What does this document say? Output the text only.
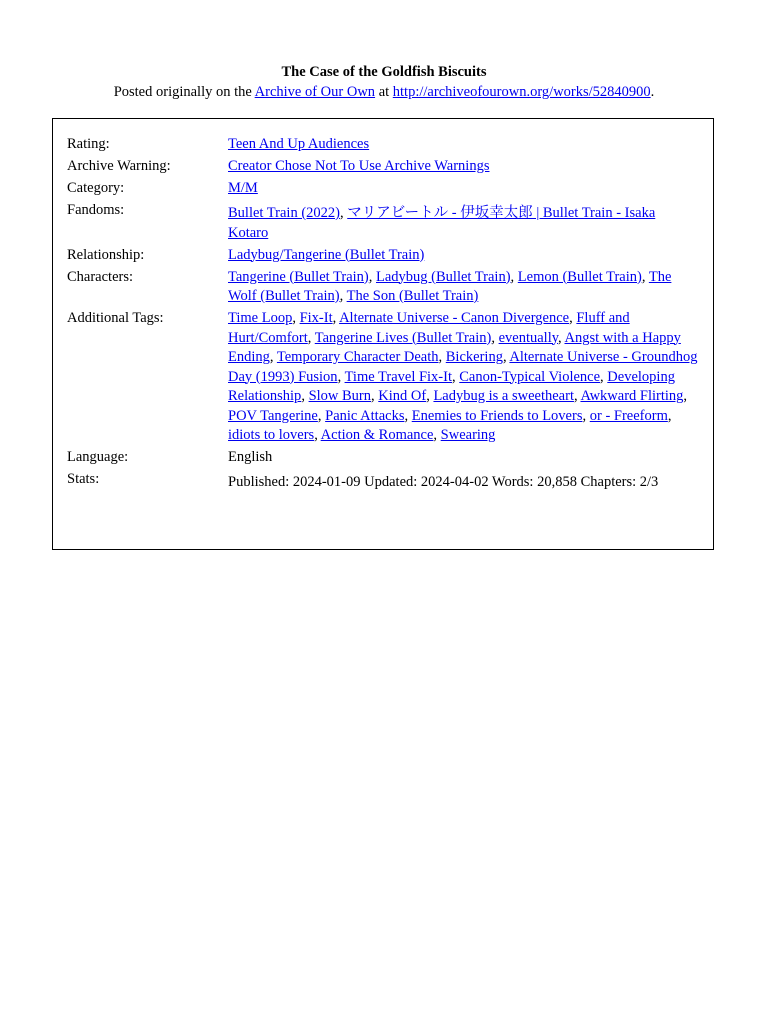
The Case of the Goldfish Biscuits
Posted originally on the Archive of Our Own at http://archiveofourown.org/works/52840900.
Rating:	Teen And Up Audiences
Archive Warning:	Creator Chose Not To Use Archive Warnings
Category:	M/M
Fandoms:	Bullet Train (2022), マリアビートル - 伊坂幸太郎 | Bullet Train - Isaka Kotaro
Relationship:	Ladybug/Tangerine (Bullet Train)
Characters:	Tangerine (Bullet Train), Ladybug (Bullet Train), Lemon (Bullet Train), The Wolf (Bullet Train), The Son (Bullet Train)
Additional Tags:	Time Loop, Fix-It, Alternate Universe - Canon Divergence, Fluff and Hurt/Comfort, Tangerine Lives (Bullet Train), eventually, Angst with a Happy Ending, Temporary Character Death, Bickering, Alternate Universe - Groundhog Day (1993) Fusion, Time Travel Fix-It, Canon-Typical Violence, Developing Relationship, Slow Burn, Kind Of, Ladybug is a sweetheart, Awkward Flirting, POV Tangerine, Panic Attacks, Enemies to Friends to Lovers, or - Freeform, idiots to lovers, Action & Romance, Swearing
Language:	English
Stats:	Published: 2024-01-09 Updated: 2024-04-02 Words: 20,858 Chapters: 2/3
